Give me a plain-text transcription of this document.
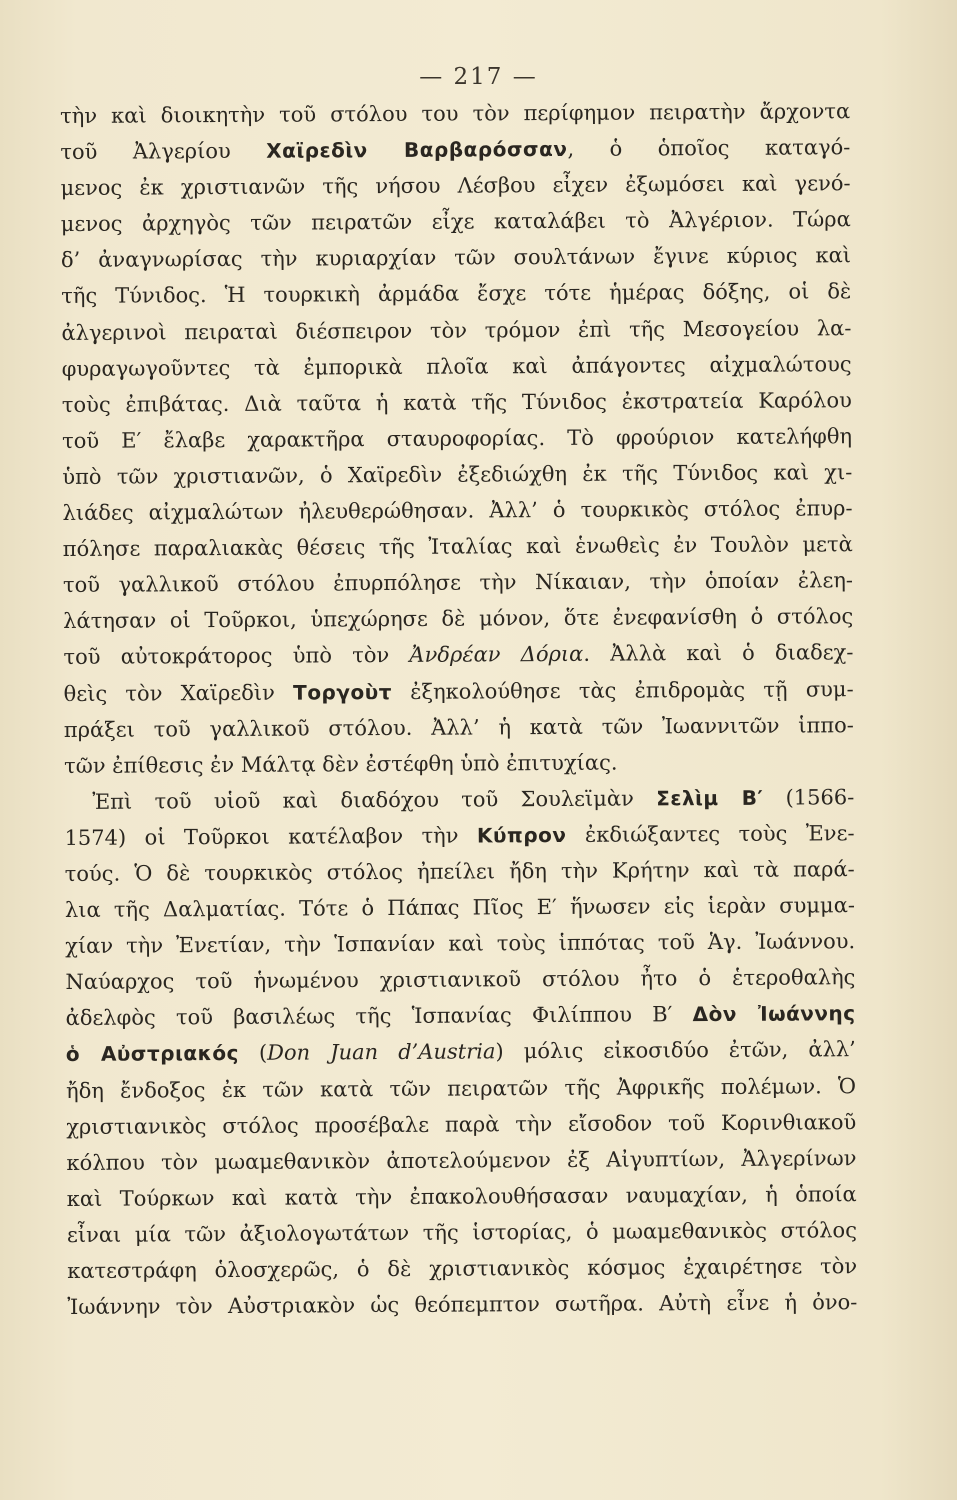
— 217 —
τὴν καὶ διοικητὴν τοῦ στόλου του τὸν περίφημον πειρατὴν ἄρχοντα
τοῦ Ἀλγερίου Χαϊρεδὶν Βαρβαρόσσαν, ὁ ὁποῖος καταγό-
μενος ἐκ χριστιανῶν τῆς νήσου Λέσβου εἶχεν ἐξωμόσει καὶ γενό-
μενος ἀρχηγὸς τῶν πειρατῶν εἶχε καταλάβει τὸ Ἀλγέριον. Τώρα
δ’ ἀναγνωρίσας τὴν κυριαρχίαν τῶν σουλτάνων ἔγινε κύριος καὶ
τῆς Τύνιδος. Ἡ τουρκικὴ ἀρμάδα ἔσχε τότε ἡμέρας δόξης, οἱ δὲ
ἀλγερινοὶ πειραταὶ διέσπειρον τὸν τρόμον ἐπὶ τῆς Μεσογείου λα-
φυραγωγοῦντες τὰ ἐμπορικὰ πλοῖα καὶ ἀπάγοντες αἰχμαλώτους
τοὺς ἐπιβάτας. Διὰ ταῦτα ἡ κατὰ τῆς Τύνιδος ἐκστρατεία Καρόλου
τοῦ Ε′ ἔλαβε χαρακτῆρα σταυροφορίας. Τὸ φρούριον κατελήφθη
ὑπὸ τῶν χριστιανῶν, ὁ Χαϊρεδὶν ἐξεδιώχθη ἐκ τῆς Τύνιδος καὶ χι-
λιάδες αἰχμαλώτων ἠλευθερώθησαν. Ἀλλ’ ὁ τουρκικὸς στόλος ἐπυρ-
πόλησε παραλιακὰς θέσεις τῆς Ἰταλίας καὶ ἑνωθεὶς ἐν Τουλὸν μετὰ
τοῦ γαλλικοῦ στόλου ἐπυρπόλησε τὴν Νίκαιαν, τὴν ὁποίαν ἐλεη-
λάτησαν οἱ Τοῦρκοι, ὑπεχώρησε δὲ μόνον, ὅτε ἐνεφανίσθη ὁ στόλος
τοῦ αὐτοκράτορος ὑπὸ τὸν Ἀνδρέαν Δόρια. Ἀλλὰ καὶ ὁ διαδεχ-
θεὶς τὸν Χαϊρεδὶν Τοργοὺτ ἐξηκολούθησε τὰς ἐπιδρομὰς τῇ συμ-
πράξει τοῦ γαλλικοῦ στόλου. Ἀλλ’ ἡ κατὰ τῶν Ἰωαννιτῶν ἱππο-
τῶν ἐπίθεσις ἐν Μάλτᾳ δὲν ἐστέφθη ὑπὸ ἐπιτυχίας.
Ἐπὶ τοῦ υἱοῦ καὶ διαδόχου τοῦ Σουλεϊμὰν Σελὶμ Β′ (1566-
1574) οἱ Τοῦρκοι κατέλαβον τὴν Κύπρον ἐκδιώξαντες τοὺς Ἐνε-
τούς. Ὁ δὲ τουρκικὸς στόλος ἠπείλει ἤδη τὴν Κρήτην καὶ τὰ παρά-
λια τῆς Δαλματίας. Τότε ὁ Πάπας Πῖος Ε′ ἥνωσεν εἰς ἱερὰν συμμα-
χίαν τὴν Ἐνετίαν, τὴν Ἱσπανίαν καὶ τοὺς ἱππότας τοῦ Ἁγ. Ἰωάννου.
Ναύαρχος τοῦ ἡνωμένου χριστιανικοῦ στόλου ἦτο ὁ ἑτεροθαλὴς
ἀδελφὸς τοῦ βασιλέως τῆς Ἱσπανίας Φιλίππου Β′ Δὸν Ἰωάννης
ὁ Αὐστριακός (Don Juan d’Austria) μόλις εἰκοσιδύο ἐτῶν, ἀλλ’
ἤδη ἔνδοξος ἐκ τῶν κατὰ τῶν πειρατῶν τῆς Ἀφρικῆς πολέμων. Ὁ
χριστιανικὸς στόλος προσέβαλε παρὰ τὴν εἴσοδον τοῦ Κορινθιακοῦ
κόλπου τὸν μωαμεθανικὸν ἀποτελούμενον ἐξ Αἰγυπτίων, Ἀλγερίνων
καὶ Τούρκων καὶ κατὰ τὴν ἐπακολουθήσασαν ναυμαχίαν, ἡ ὁποία
εἶναι μία τῶν ἀξιολογωτάτων τῆς ἱστορίας, ὁ μωαμεθανικὸς στόλος
κατεστράφη ὁλοσχερῶς, ὁ δὲ χριστιανικὸς κόσμος ἐχαιρέτησε τὸν
Ἰωάννην τὸν Αὐστριακὸν ὡς θεόπεμπτον σωτῆρα. Αὐτὴ εἶνε ἡ ὀνο-
